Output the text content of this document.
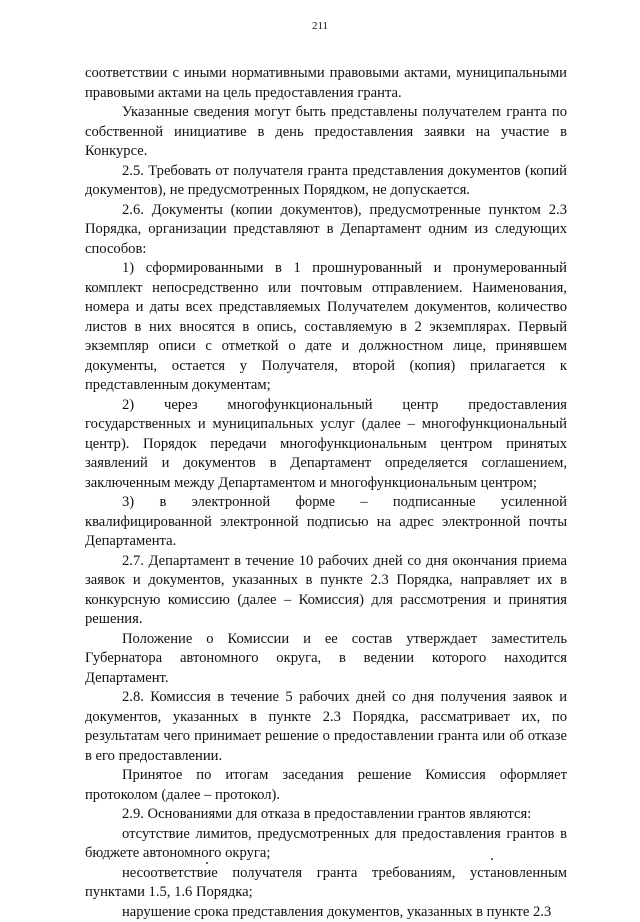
211

соответствии с иными нормативными правовыми актами, муниципальными правовыми актами на цель предоставления гранта.

Указанные сведения могут быть представлены получателем гранта по собственной инициативе в день предоставления заявки на участие в Конкурсе.

2.5. Требовать от получателя гранта представления документов (копий документов), не предусмотренных Порядком, не допускается.

2.6. Документы (копии документов), предусмотренные пунктом 2.3 Порядка, организации представляют в Департамент одним из следующих способов:

1) сформированными в 1 прошнурованный и пронумерованный комплект непосредственно или почтовым отправлением. Наименования, номера и даты всех представляемых Получателем документов, количество листов в них вносятся в опись, составляемую в 2 экземплярах. Первый экземпляр описи с отметкой о дате и должностном лице, принявшем документы, остается у Получателя, второй (копия) прилагается к представленным документам;

2) через многофункциональный центр предоставления государственных и муниципальных услуг (далее – многофункциональный центр). Порядок передачи многофункциональным центром принятых заявлений и документов в Департамент определяется соглашением, заключенным между Департаментом и многофункциональным центром;

3) в электронной форме – подписанные усиленной квалифицированной электронной подписью на адрес электронной почты Департамента.

2.7. Департамент в течение 10 рабочих дней со дня окончания приема заявок и документов, указанных в пункте 2.3 Порядка, направляет их в конкурсную комиссию (далее – Комиссия) для рассмотрения и принятия решения.

Положение о Комиссии и ее состав утверждает заместитель Губернатора автономного округа, в ведении которого находится Департамент.

2.8. Комиссия в течение 5 рабочих дней со дня получения заявок и документов, указанных в пункте 2.3 Порядка, рассматривает их, по результатам чего принимает решение о предоставлении гранта или об отказе в его предоставлении.

Принятое по итогам заседания решение Комиссия оформляет протоколом (далее – протокол).

2.9. Основаниями для отказа в предоставлении грантов являются:

отсутствие лимитов, предусмотренных для предоставления грантов в бюджете автономного округа;

несоответствие получателя гранта требованиям, установленным пунктами 1.5, 1.6 Порядка;

нарушение срока представления документов, указанных в пункте 2.3
